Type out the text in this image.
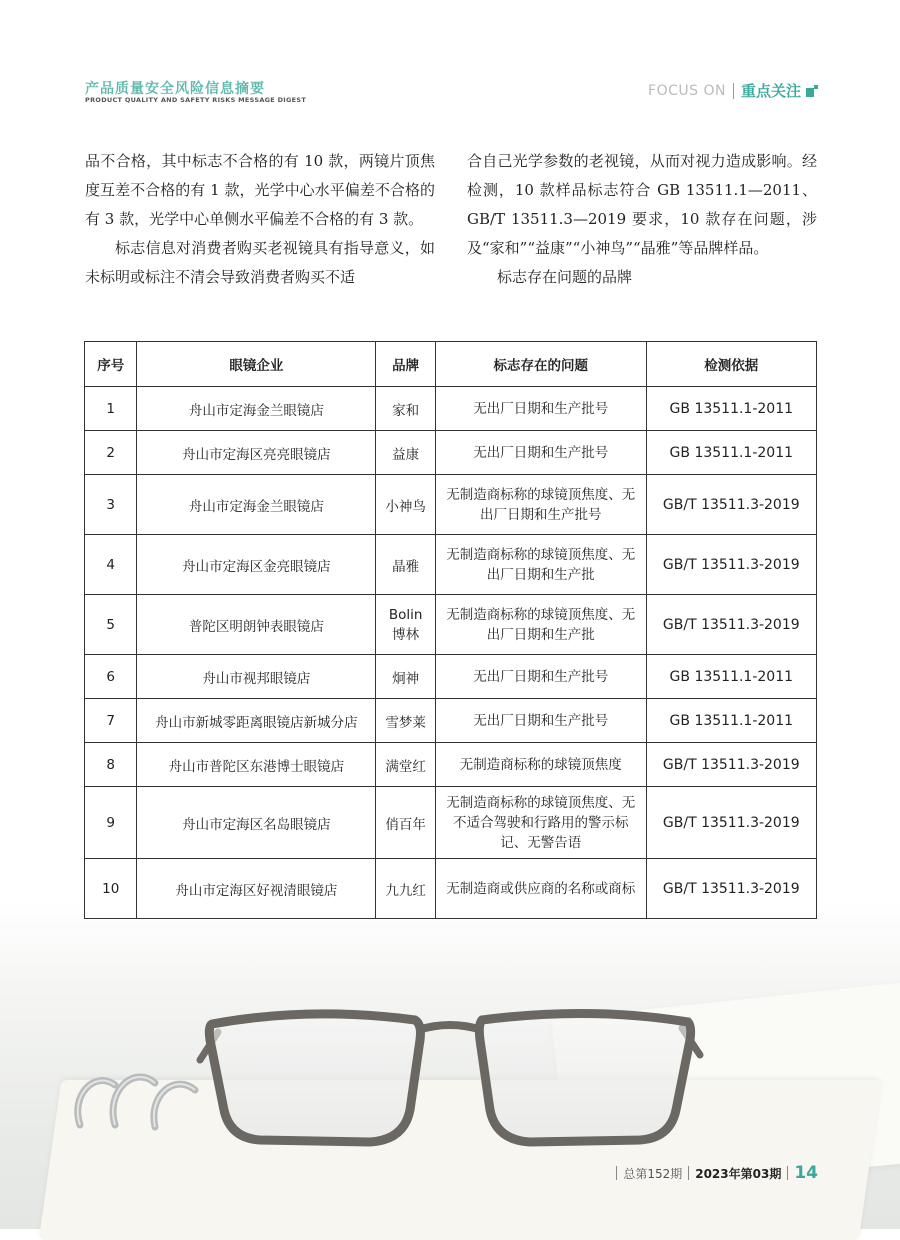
产品质量安全风险信息摘要
PRODUCT QUALITY AND SAFETY RISKS MESSAGE DIGEST
FOCUS ON 重点关注

品不合格，其中标志不合格的有 10 款，两镜片顶焦度互差不合格的有 1 款，光学中心水平偏差不合格的有 3 款，光学中心单侧水平偏差不合格的有 3 款。

标志信息对消费者购买老视镜具有指导意义，如未标明或标注不清会导致消费者购买不适

合自己光学参数的老视镜，从而对视力造成影响。经检测，10 款样品标志符合 GB 13511.1—2011、GB/T 13511.3—2019 要求，10 款存在问题，涉及“家和”“益康”“小神鸟”“晶雅”等品牌样品。

标志存在问题的品牌

序号	眼镜企业	品牌	标志存在的问题	检测依据
1	舟山市定海金兰眼镜店	家和	无出厂日期和生产批号	GB 13511.1-2011
2	舟山市定海区亮亮眼镜店	益康	无出厂日期和生产批号	GB 13511.1-2011
3	舟山市定海金兰眼镜店	小神鸟	无制造商标称的球镜顶焦度、无出厂日期和生产批号	GB/T 13511.3-2019
4	舟山市定海区金亮眼镜店	晶雅	无制造商标称的球镜顶焦度、无出厂日期和生产批	GB/T 13511.3-2019
5	普陀区明朗钟表眼镜店	Bolin 博林	无制造商标称的球镜顶焦度、无出厂日期和生产批	GB/T 13511.3-2019
6	舟山市视邦眼镜店	炯神	无出厂日期和生产批号	GB 13511.1-2011
7	舟山市新城零距离眼镜店新城分店	雪梦莱	无出厂日期和生产批号	GB 13511.1-2011
8	舟山市普陀区东港博士眼镜店	满堂红	无制造商标称的球镜顶焦度	GB/T 13511.3-2019
9	舟山市定海区名岛眼镜店	俏百年	无制造商标称的球镜顶焦度、无不适合驾驶和行路用的警示标记、无警告语	GB/T 13511.3-2019
10	舟山市定海区好视清眼镜店	九九红	无制造商或供应商的名称或商标	GB/T 13511.3-2019
总第152期 2023年第03期 14
